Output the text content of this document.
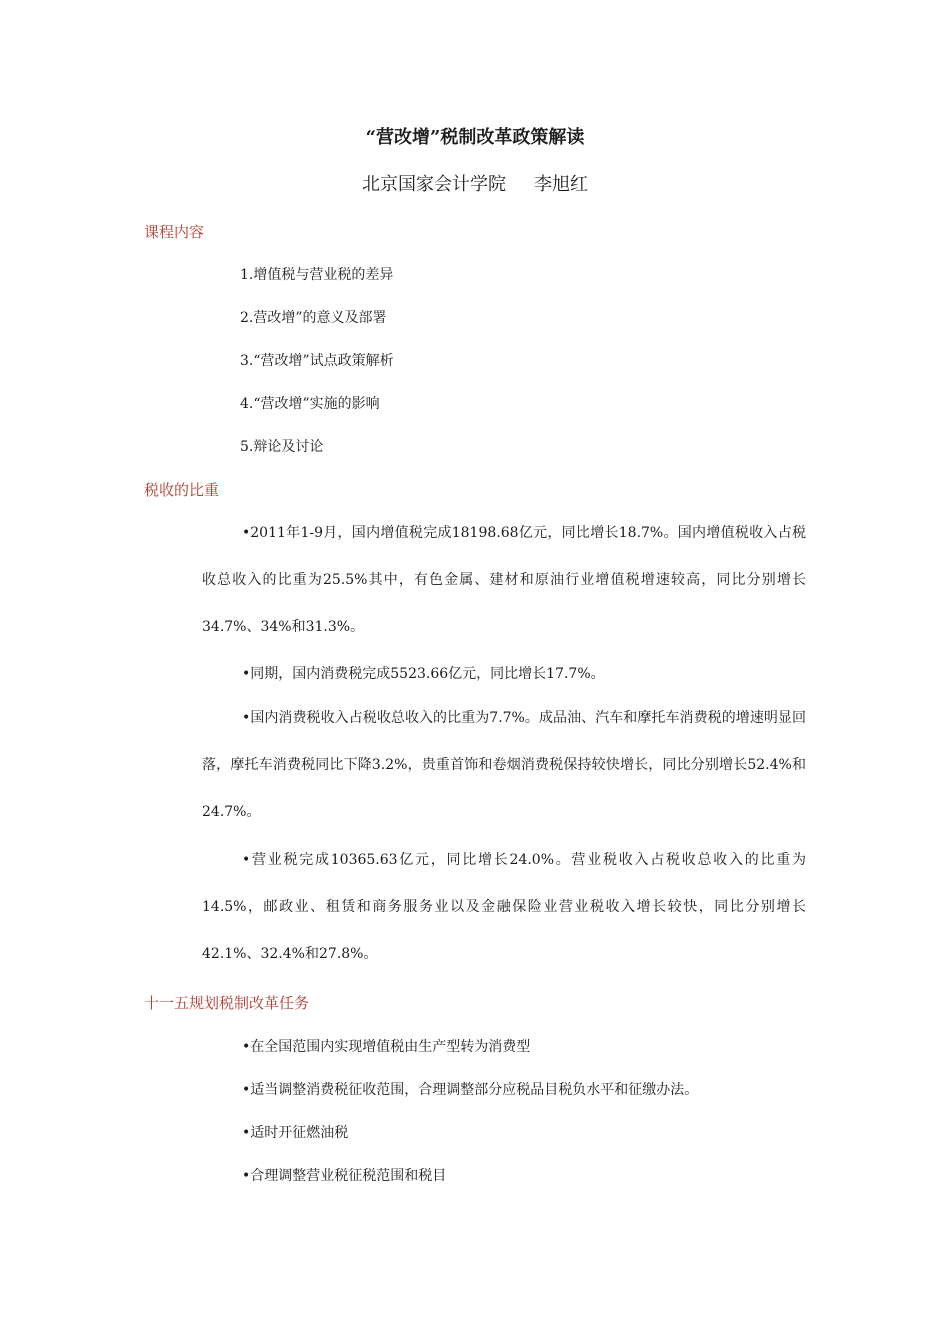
“营改增”税制改革政策解读
北京国家会计学院 李旭红
课程内容
1.增值税与营业税的差异
2.营改增”的意义及部署
3.“营改增”试点政策解析
4.“营改增”实施的影响
5.辩论及讨论
税收的比重
•2011年1-9月，国内增值税完成18198.68亿元，同比增长18.7%。国内增值税收入占税收总收入的比重为25.5%其中，有色金属、建材和原油行业增值税增速较高，同比分别增长34.7%、34%和31.3%。
•同期，国内消费税完成5523.66亿元，同比增长17.7%。
•国内消费税收入占税收总收入的比重为7.7%。成品油、汽车和摩托车消费税的增速明显回落，摩托车消费税同比下降3.2%，贵重首饰和卷烟消费税保持较快增长，同比分别增长52.4%和24.7%。
•营业税完成10365.63亿元，同比增长24.0%。营业税收入占税收总收入的比重为14.5%，邮政业、租赁和商务服务业以及金融保险业营业税收入增长较快，同比分别增长42.1%、32.4%和27.8%。
十一五规划税制改革任务
•在全国范围内实现增值税由生产型转为消费型
•适当调整消费税征收范围，合理调整部分应税品目税负水平和征缴办法。
•适时开征燃油税
•合理调整营业税征税范围和税目
